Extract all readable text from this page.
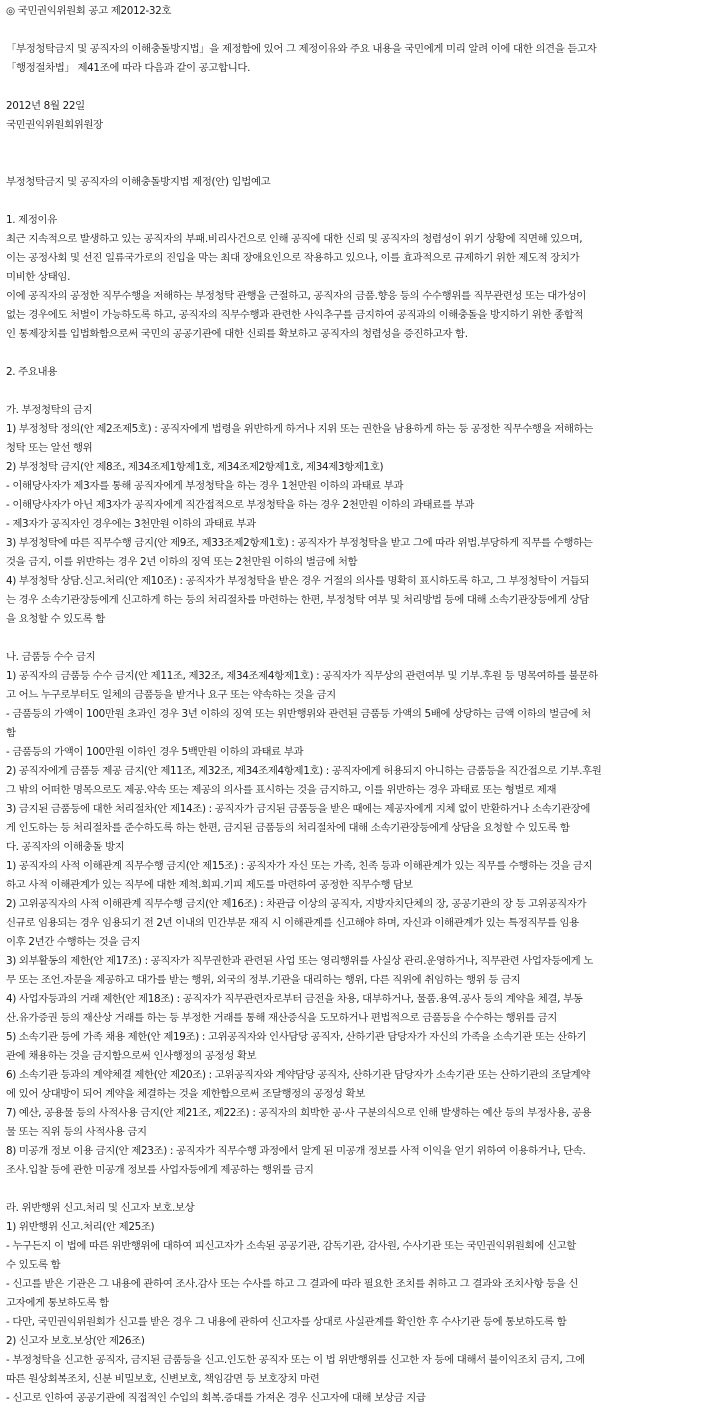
◎ 국민권익위원회 공고 제2012-32호
「부정청탁금지 및 공직자의 이해충돌방지법」을 제정함에 있어 그 제정이유와 주요 내용을 국민에게 미리 알려 이에 대한 의견을 듣고자
「행정절차법」 제41조에 따라 다음과 같이 공고합니다.
2012년 8월 22일
국민권익위원회위원장
부정청탁금지 및 공직자의 이해충돌방지법 제정(안) 입법예고
1. 제정이유
최근 지속적으로 발생하고 있는 공직자의 부패.비리사건으로 인해 공직에 대한 신뢰 및 공직자의 청렴성이 위기 상황에 직면해 있으며,
이는 공정사회 및 선진 일류국가로의 진입을 막는 최대 장애요인으로 작용하고 있으나, 이를 효과적으로 규제하기 위한 제도적 장치가
미비한 상태임.
이에 공직자의 공정한 직무수행을 저해하는 부정청탁 관행을 근절하고, 공직자의 금품.향응 등의 수수행위를 직무관련성 또는 대가성이
없는 경우에도 처벌이 가능하도록 하고, 공직자의 직무수행과 관련한 사익추구를 금지하여 공직과의 이해충돌을 방지하기 위한 종합적
인 통제장치를 입법화함으로써 국민의 공공기관에 대한 신뢰를 확보하고 공직자의 청렴성을 증진하고자 함.
2. 주요내용
가. 부정청탁의 금지
1) 부정청탁 정의(안 제2조제5호) : 공직자에게 법령을 위반하게 하거나 지위 또는 권한을 남용하게 하는 등 공정한 직무수행을 저해하는
청탁 또는 알선 행위
2) 부정청탁 금지(안 제8조, 제34조제1항제1호, 제34조제2항제1호, 제34제3항제1호)
- 이해당사자가 제3자를 통해 공직자에게 부정청탁을 하는 경우 1천만원 이하의 과태료 부과
- 이해당사자가 아닌 제3자가 공직자에게 직간접적으로 부정청탁을 하는 경우 2천만원 이하의 과태료를 부과
- 제3자가 공직자인 경우에는 3천만원 이하의 과태료 부과
3) 부정청탁에 따른 직무수행 금지(안 제9조, 제33조제2항제1호) : 공직자가 부정청탁을 받고 그에 따라 위법.부당하게 직무를 수행하는
것을 금지, 이를 위반하는 경우 2년 이하의 징역 또는 2천만원 이하의 벌금에 처함
4) 부정청탁 상담.신고.처리(안 제10조) : 공직자가 부정청탁을 받은 경우 거절의 의사를 명확히 표시하도록 하고, 그 부정청탁이 거듭되
는 경우 소속기관장등에게 신고하게 하는 등의 처리절차를 마련하는 한편, 부정청탁 여부 및 처리방법 등에 대해 소속기관장등에게 상담
을 요청할 수 있도록 함
나. 금품등 수수 금지
1) 공직자의 금품등 수수 금지(안 제11조, 제32조, 제34조제4항제1호) : 공직자가 직무상의 관련여부 및 기부.후원 등 명목여하를 불문하
고 어느 누구로부터도 일체의 금품등을 받거나 요구 또는 약속하는 것을 금지
- 금품등의 가액이 100만원 초과인 경우 3년 이하의 징역 또는 위반행위와 관련된 금품등 가액의 5배에 상당하는 금액 이하의 벌금에 처
함
- 금품등의 가액이 100만원 이하인 경우 5백만원 이하의 과태료 부과
2) 공직자에게 금품등 제공 금지(안 제11조, 제32조, 제34조제4항제1호) : 공직자에게 허용되지 아니하는 금품등을 직간접으로 기부.후원
그 밖의 어떠한 명목으로도 제공.약속 또는 제공의 의사를 표시하는 것을 금지하고, 이를 위반하는 경우 과태료 또는 형벌로 제재
3) 금지된 금품등에 대한 처리절차(안 제14조) : 공직자가 금지된 금품등을 받은 때에는 제공자에게 지체 없이 반환하거나 소속기관장에
게 인도하는 등 처리절차를 준수하도록 하는 한편, 금지된 금품등의 처리절차에 대해 소속기관장등에게 상담을 요청할 수 있도록 함
다. 공직자의 이해충돌 방지
1) 공직자의 사적 이해관계 직무수행 금지(안 제15조) : 공직자가 자신 또는 가족, 친족 등과 이해관계가 있는 직무를 수행하는 것을 금지
하고 사적 이해관계가 있는 직무에 대한 제척.회피.기피 제도를 마련하여 공정한 직무수행 담보
2) 고위공직자의 사적 이해관계 직무수행 금지(안 제16조) : 차관급 이상의 공직자, 지방자치단체의 장, 공공기관의 장 등 고위공직자가
신규로 임용되는 경우 임용되기 전 2년 이내의 민간부문 재직 시 이해관계를 신고해야 하며, 자신과 이해관계가 있는 특정직무를 임용
이후 2년간 수행하는 것을 금지
3) 외부활동의 제한(안 제17조) : 공직자가 직무권한과 관련된 사업 또는 영리행위를 사실상 관리.운영하거나, 직무관련 사업자등에게 노
무 또는 조언.자문을 제공하고 대가를 받는 행위, 외국의 정부.기관을 대리하는 행위, 다른 직위에 취임하는 행위 등 금지
4) 사업자등과의 거래 제한(안 제18조) : 공직자가 직무관련자로부터 금전을 차용, 대부하거나, 물품.용역.공사 등의 계약을 체결, 부동
산.유가증권 등의 재산상 거래를 하는 등 부정한 거래를 통해 재산증식을 도모하거나 편법적으로 금품등을 수수하는 행위를 금지
5) 소속기관 등에 가족 채용 제한(안 제19조) : 고위공직자와 인사담당 공직자, 산하기관 담당자가 자신의 가족을 소속기관 또는 산하기
관에 채용하는 것을 금지함으로써 인사행정의 공정성 확보
6) 소속기관 등과의 계약체결 제한(안 제20조) : 고위공직자와 계약담당 공직자, 산하기관 담당자가 소속기관 또는 산하기관의 조달계약
에 있어 상대방이 되어 계약을 체결하는 것을 제한함으로써 조달행정의 공정성 확보
7) 예산, 공용물 등의 사적사용 금지(안 제21조, 제22조) : 공직자의 희박한 공·사 구분의식으로 인해 발생하는 예산 등의 부정사용, 공용
물 또는 직위 등의 사적사용 금지
8) 미공개 정보 이용 금지(안 제23조) : 공직자가 직무수행 과정에서 알게 된 미공개 정보를 사적 이익을 얻기 위하여 이용하거나, 단속.
조사.입찰 등에 관한 미공개 정보를 사업자등에게 제공하는 행위를 금지
라. 위반행위 신고.처리 및 신고자 보호.보상
1) 위반행위 신고.처리(안 제25조)
- 누구든지 이 법에 따른 위반행위에 대하여 피신고자가 소속된 공공기관, 감독기관, 감사원, 수사기관 또는 국민권익위원회에 신고할
수 있도록 함
- 신고를 받은 기관은 그 내용에 관하여 조사.감사 또는 수사를 하고 그 결과에 따라 필요한 조치를 취하고 그 결과와 조치사항 등을 신
고자에게 통보하도록 함
- 다만, 국민권익위원회가 신고를 받은 경우 그 내용에 관하여 신고자를 상대로 사실관계를 확인한 후 수사기관 등에 통보하도록 함
2) 신고자 보호.보상(안 제26조)
- 부정청탁을 신고한 공직자, 금지된 금품등을 신고.인도한 공직자 또는 이 법 위반행위를 신고한 자 등에 대해서 불이익조치 금지, 그에
따른 원상회복조치, 신분 비밀보호, 신변보호, 책임감면 등 보호장치 마련
- 신고로 인하여 공공기관에 직접적인 수입의 회복.증대를 가져온 경우 신고자에 대해 보상금 지급
